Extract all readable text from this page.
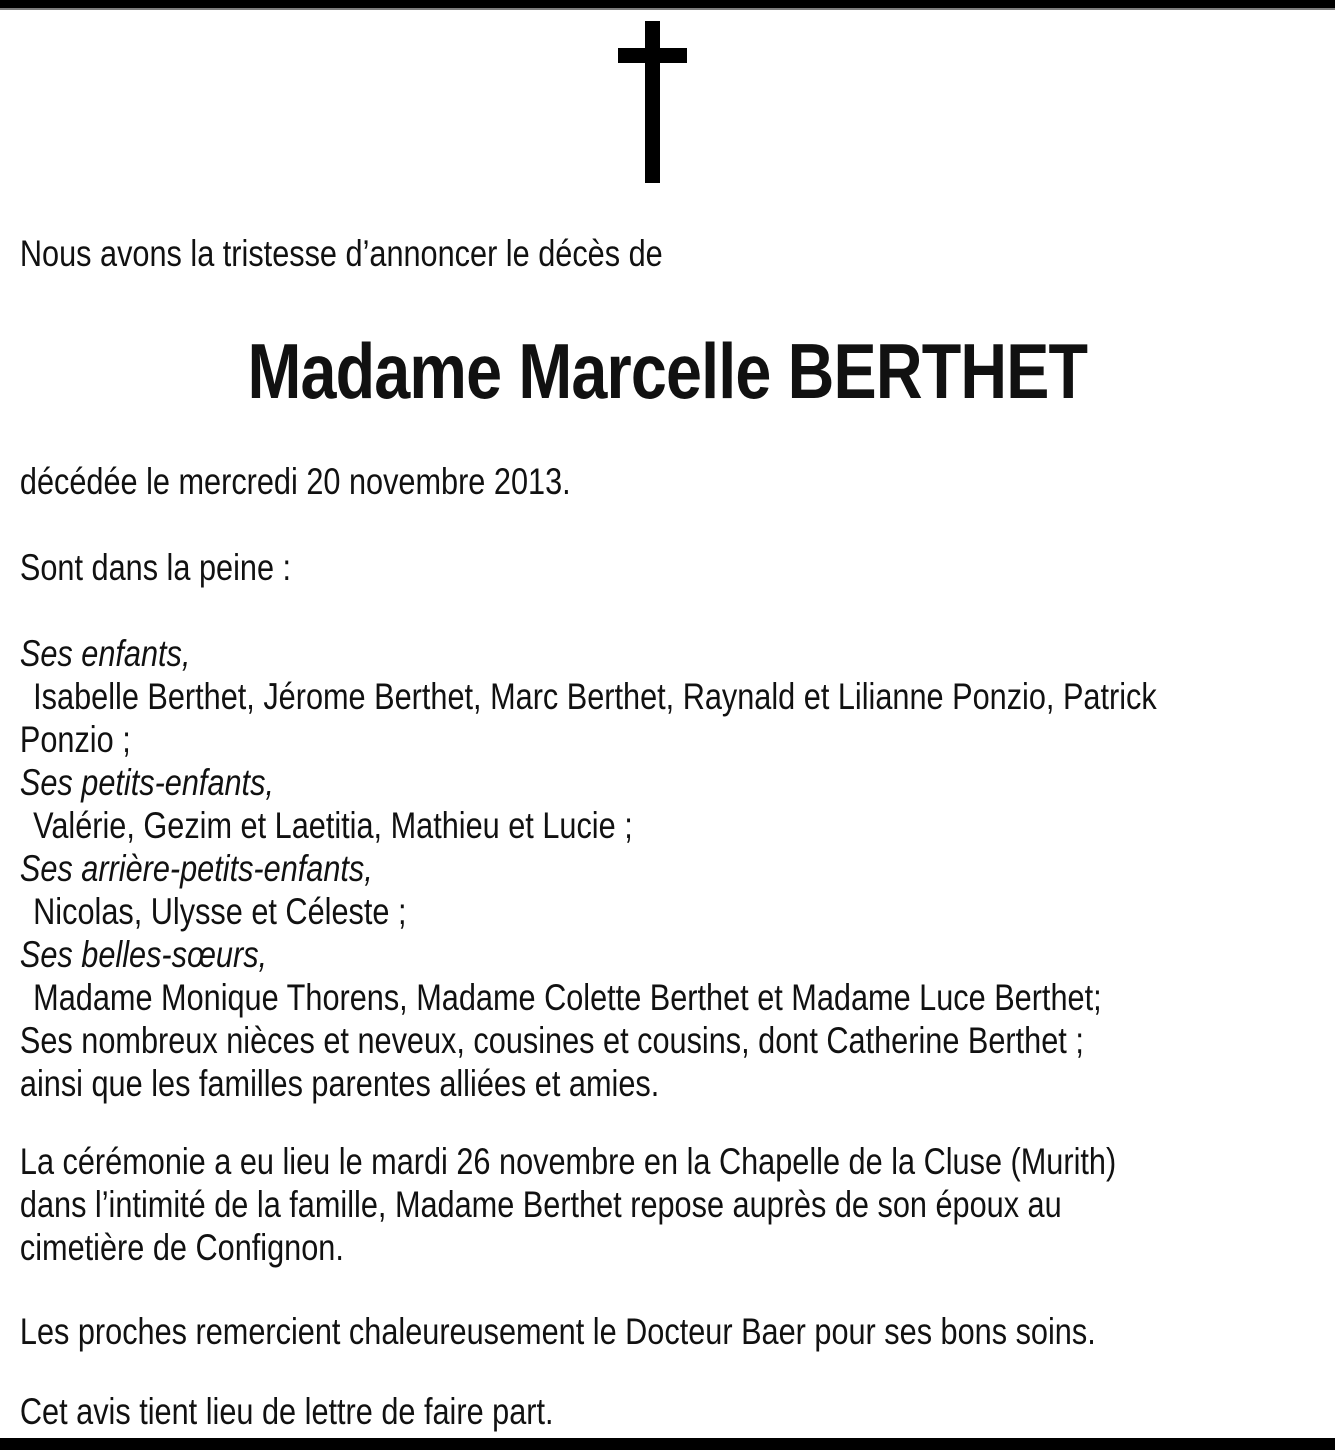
Nous avons la tristesse d’annoncer le décès de
Madame Marcelle BERTHET
décédée le mercredi 20 novembre 2013.
Sont dans la peine :
Ses enfants,
Isabelle Berthet, Jérome Berthet, Marc Berthet, Raynald et Lilianne Ponzio, Patrick
Ponzio ;
Ses petits-enfants,
Valérie, Gezim et Laetitia, Mathieu et Lucie ;
Ses arrière-petits-enfants,
Nicolas, Ulysse et Céleste ;
Ses belles-sœurs,
Madame Monique Thorens, Madame Colette Berthet et Madame Luce Berthet;
Ses nombreux nièces et neveux, cousines et cousins, dont Catherine Berthet ;
ainsi que les familles parentes alliées et amies.
La cérémonie a eu lieu le mardi 26 novembre en la Chapelle de la Cluse (Murith)
dans l’intimité de la famille, Madame Berthet repose auprès de son époux au
cimetière de Confignon.
Les proches remercient chaleureusement le Docteur Baer pour ses bons soins.
Cet avis tient lieu de lettre de faire part.
